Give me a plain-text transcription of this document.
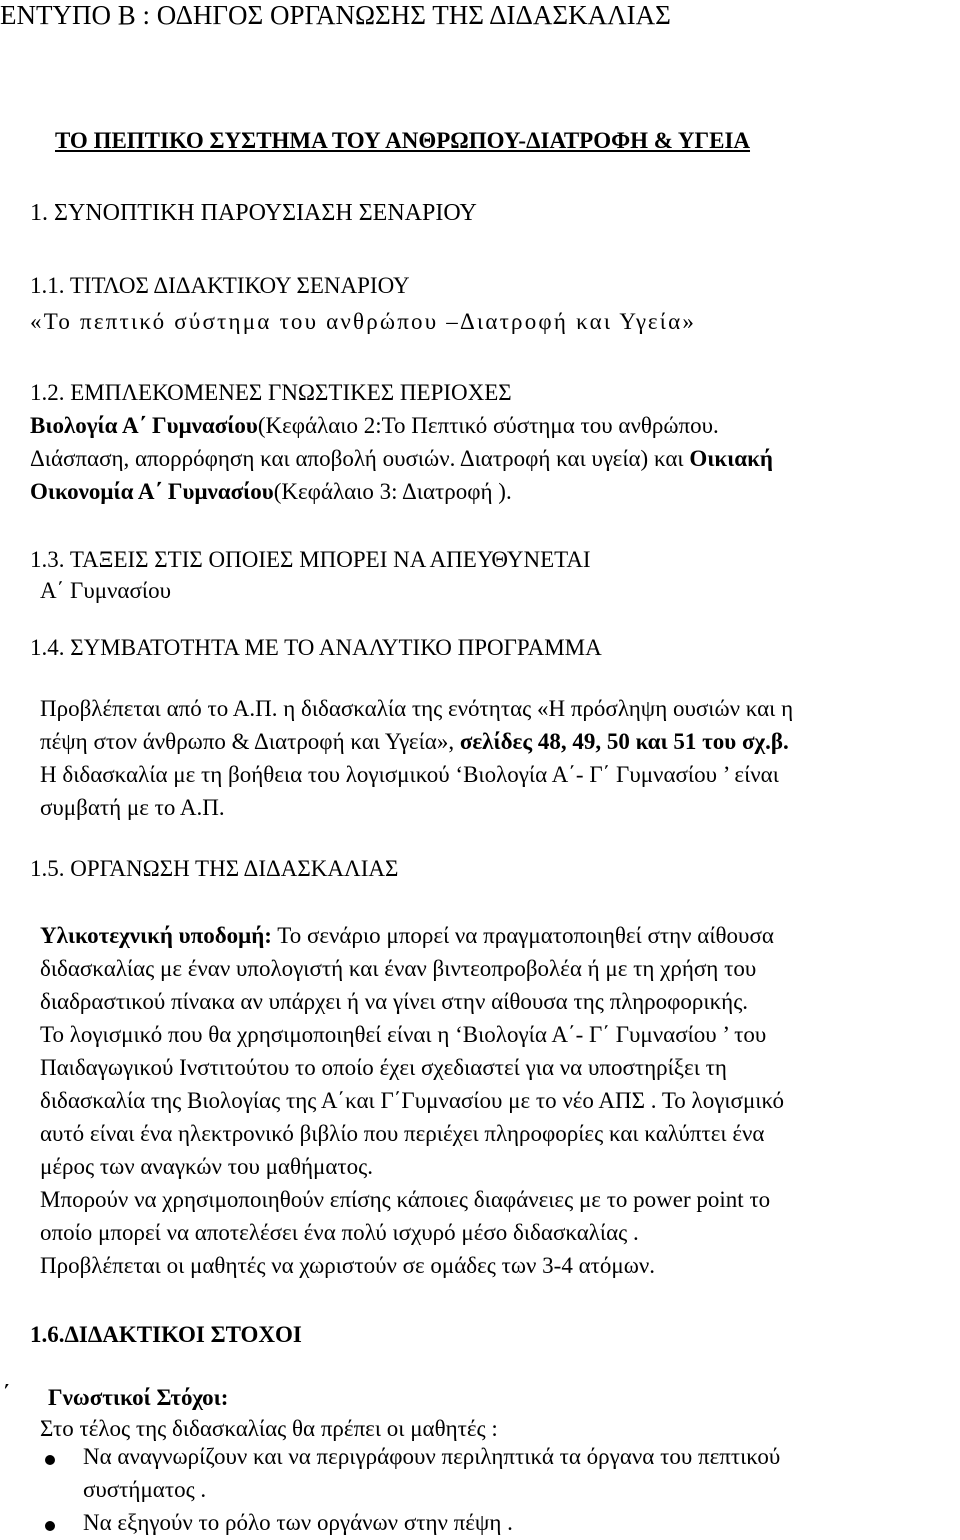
ΕΝΤΥΠΟ Β : ΟΔΗΓΟΣ ΟΡΓΑΝΩΣΗΣ ΤΗΣ ΔΙΔΑΣΚΑΛΙΑΣ
ΤΟ ΠΕΠΤΙΚΟ ΣΥΣΤΗΜΑ ΤΟΥ ΑΝΘΡΩΠΟΥ-ΔΙΑΤΡΟΦΗ & ΥΓΕΙΑ
1. ΣΥΝΟΠΤΙΚΗ ΠΑΡΟΥΣΙΑΣΗ ΣΕΝΑΡΙΟΥ
1.1. ΤΙΤΛΟΣ ΔΙΔΑΚΤΙΚΟΥ ΣΕΝΑΡΙΟΥ
«Το πεπτικό σύστημα του ανθρώπου –Διατροφή και Υγεία»
1.2. ΕΜΠΛΕΚΟΜΕΝΕΣ ΓΝΩΣΤΙΚΕΣ ΠΕΡΙΟΧΕΣ
Βιολογία Α΄ Γυμνασίου(Κεφάλαιο 2:Το Πεπτικό σύστημα του ανθρώπου.
Διάσπαση, απορρόφηση και αποβολή ουσιών. Διατροφή και υγεία) και Οικιακή
Οικονομία Α΄ Γυμνασίου(Κεφάλαιο 3: Διατροφή ).
1.3. ΤΑΞΕΙΣ ΣΤΙΣ ΟΠΟΙΕΣ ΜΠΟΡΕΙ ΝΑ ΑΠΕΥΘΥΝΕΤΑΙ
Α΄ Γυμνασίου
1.4. ΣΥΜΒΑΤΟΤΗΤΑ ΜΕ ΤΟ ΑΝΑΛΥΤΙΚΟ ΠΡΟΓΡΑΜΜΑ
Προβλέπεται από το Α.Π. η διδασκαλία της ενότητας «Η πρόσληψη ουσιών και η
πέψη στον άνθρωπο & Διατροφή και Υγεία», σελίδες 48, 49, 50 και 51 του σχ.β.
Η διδασκαλία με τη βοήθεια του λογισμικού ‘Βιολογία Α΄- Γ΄ Γυμνασίου ’ είναι
συμβατή με το Α.Π.
1.5. ΟΡΓΑΝΩΣΗ ΤΗΣ ΔΙΔΑΣΚΑΛΙΑΣ
Υλικοτεχνική υποδομή: Το σενάριο μπορεί να πραγματοποιηθεί στην αίθουσα
διδασκαλίας με έναν υπολογιστή και έναν βιντεοπροβολέα ή με τη χρήση του
διαδραστικού πίνακα αν υπάρχει ή να γίνει στην αίθουσα της πληροφορικής.
Το λογισμικό που θα χρησιμοποιηθεί είναι η ‘Βιολογία Α΄- Γ΄ Γυμνασίου ’ του
Παιδαγωγικού Ινστιτούτου το οποίο έχει σχεδιαστεί για να υποστηρίξει τη
διδασκαλία της Βιολογίας της Α΄και Γ΄Γυμνασίου με το νέο ΑΠΣ . Το λογισμικό
αυτό είναι ένα ηλεκτρονικό βιβλίο που περιέχει πληροφορίες και καλύπτει ένα
μέρος των αναγκών του μαθήματος.
Μπορούν να χρησιμοποιηθούν επίσης κάποιες διαφάνειες με το power point το
οποίο μπορεί να αποτελέσει ένα πολύ ισχυρό μέσο διδασκαλίας .
Προβλέπεται οι μαθητές να χωριστούν σε ομάδες των 3-4 ατόμων.
1.6.ΔΙΔΑΚΤΙΚΟΙ ΣΤΟΧΟΙ
΄ Γνωστικοί Στόχοι:
Στο τέλος της διδασκαλίας θα πρέπει οι μαθητές :
Να αναγνωρίζουν και να περιγράφουν περιληπτικά τα όργανα του πεπτικού
συστήματος .
Να εξηγούν το ρόλο των οργάνων στην πέψη .
